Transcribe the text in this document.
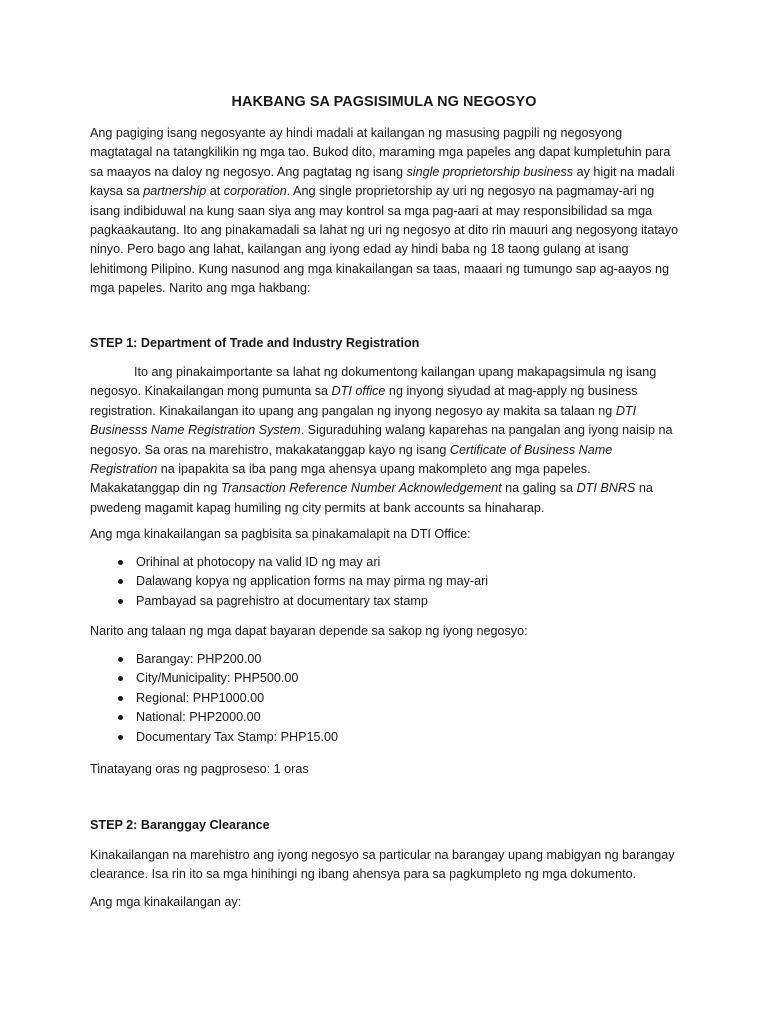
HAKBANG SA PAGSISIMULA NG NEGOSYO

Ang pagiging isang negosyante ay hindi madali at kailangan ng masusing pagpili ng negosyong magtatagal na tatangkilikin ng mga tao. Bukod dito, maraming mga papeles ang dapat kumpletuhin para sa maayos na daloy ng negosyo. Ang pagtatag ng isang single proprietorship business ay higit na madali kaysa sa partnership at corporation. Ang single proprietorship ay uri ng negosyo na pagmamay-ari ng isang indibiduwal na kung saan siya ang may kontrol sa mga pag-aari at may responsibilidad sa mga pagkaakautang. Ito ang pinakamadali sa lahat ng uri ng negosyo at dito rin mauuri ang negosyong itatayo ninyo. Pero bago ang lahat, kailangan ang iyong edad ay hindi baba ng 18 taong gulang at isang lehitimong Pilipino. Kung nasunod ang mga kinakailangan sa taas, maaari ng tumungo sap ag-aayos ng mga papeles. Narito ang mga hakbang:

STEP 1: Department of Trade and Industry Registration

Ito ang pinakaimportante sa lahat ng dokumentong kailangan upang makapagsimula ng isang negosyo. Kinakailangan mong pumunta sa DTI office ng inyong siyudad at mag-apply ng business registration. Kinakailangan ito upang ang pangalan ng inyong negosyo ay makita sa talaan ng DTI Businesss Name Registration System. Siguraduhing walang kaparehas na pangalan ang iyong naisip na negosyo. Sa oras na marehistro, makakatanggap kayo ng isang Certificate of Business Name Registration na ipapakita sa iba pang mga ahensya upang makompleto ang mga papeles. Makakatanggap din ng Transaction Reference Number Acknowledgement na galing sa DTI BNRS na pwedeng magamit kapag humiling ng city permits at bank accounts sa hinaharap.

Ang mga kinakailangan sa pagbisita sa pinakamalapit na DTI Office:

Orihinal at photocopy na valid ID ng may ari
Dalawang kopya ng application forms na may pirma ng may-ari
Pambayad sa pagrehistro at documentary tax stamp

Narito ang talaan ng mga dapat bayaran depende sa sakop ng iyong negosyo:

Barangay: PHP200.00
City/Municipality: PHP500.00
Regional: PHP1000.00
National: PHP2000.00
Documentary Tax Stamp: PHP15.00

Tinatayang oras ng pagproseso: 1 oras

STEP 2: Baranggay Clearance

Kinakailangan na marehistro ang iyong negosyo sa particular na barangay upang mabigyan ng barangay clearance. Isa rin ito sa mga hinihingi ng ibang ahensya para sa pagkumpleto ng mga dokumento.

Ang mga kinakailangan ay:
